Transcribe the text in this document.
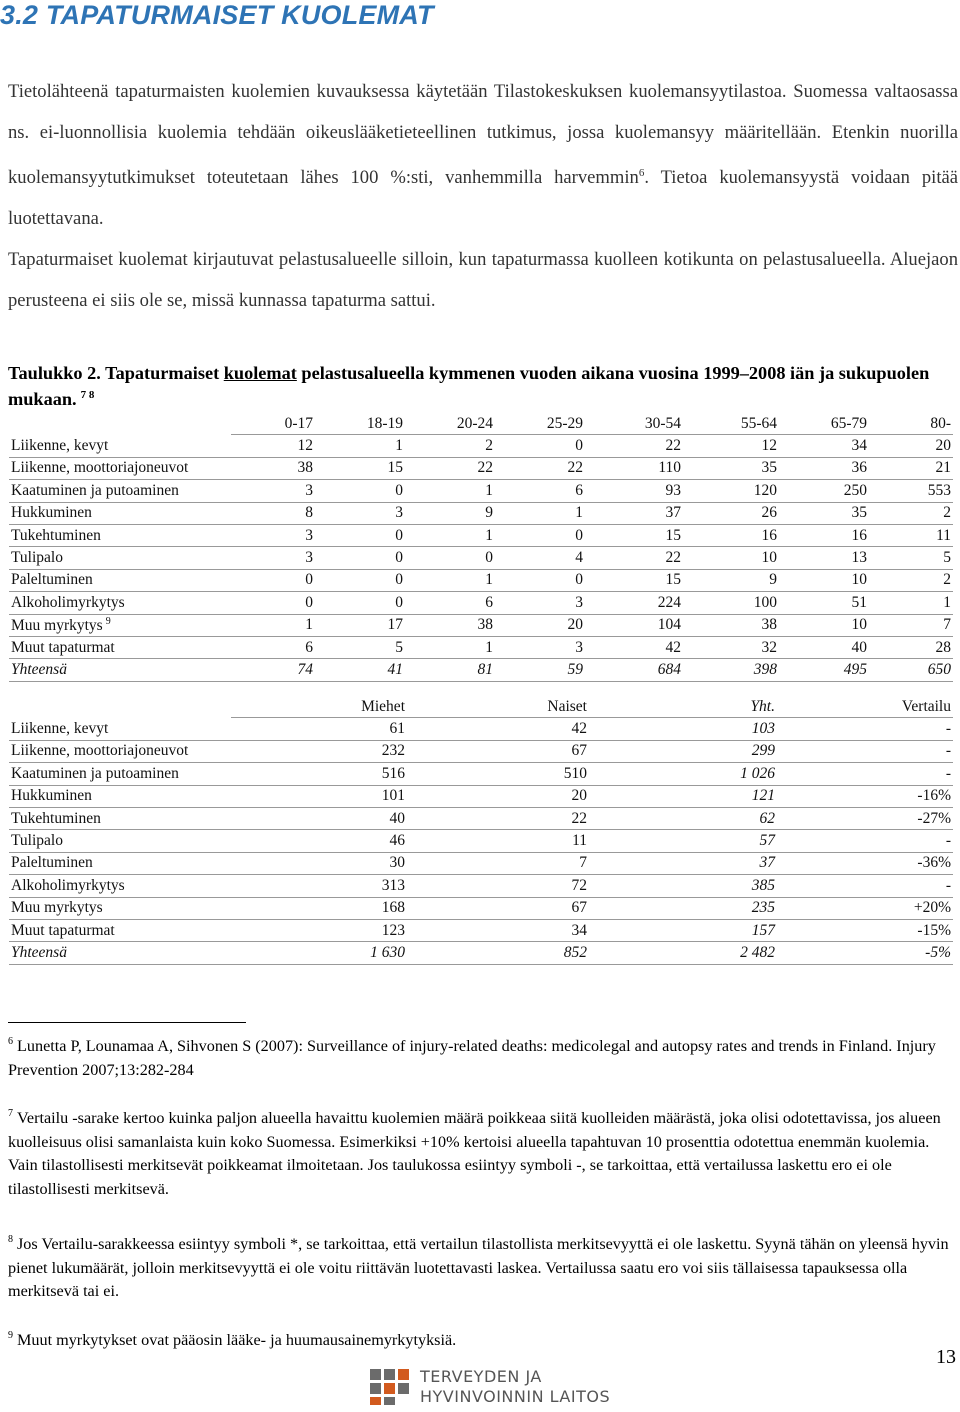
3.2 TAPATURMAISET KUOLEMAT

Tietolähteenä tapaturmaisten kuolemien kuvauksessa käytetään Tilastokeskuksen kuolemansyytilastoa. Suomessa valtaosassa ns. ei-luonnollisia kuolemia tehdään oikeuslääketieteellinen tutkimus, jossa kuolemansyy määritellään. Etenkin nuorilla kuolemansyytutkimukset toteutetaan lähes 100 %:sti, vanhemmilla harvemmin$^6$. Tietoa kuolemansyystä voidaan pitää luotettavana.

Tapaturmaiset kuolemat kirjautuvat pelastusalueelle silloin, kun tapaturmassa kuolleen kotikunta on pelastusalueella. Aluejaon perusteena ei siis ole se, missä kunnassa tapaturma sattui.

Taulukko 2. Tapaturmaiset kuolemat pelastusalueella kymmenen vuoden aikana vuosina 1999–2008 iän ja sukupuolen mukaan. $^{7 8}$
	0-17	18-19	20-24	25-29	30-54	55-64	65-79	80-
Liikenne, kevyt	12	1	2	0	22	12	34	20
Liikenne, moottoriajoneuvot	38	15	22	22	110	35	36	21
Kaatuminen ja putoaminen	3	0	1	6	93	120	250	553
Hukkuminen	8	3	9	1	37	26	35	2
Tukehtuminen	3	0	1	0	15	16	16	11
Tulipalo	3	0	0	4	22	10	13	5
Paleltuminen	0	0	1	0	15	9	10	2
Alkoholimyrkytys	0	0	6	3	224	100	51	1
Muu myrkytys $^9$	1	17	38	20	104	38	10	7
Muut tapaturmat	6	5	1	3	42	32	40	28
Yhteensä	74	41	81	59	684	398	495	650
	Miehet	Naiset	Yht.	Vertailu
Liikenne, kevyt	61	42	103	-
Liikenne, moottoriajoneuvot	232	67	299	-
Kaatuminen ja putoaminen	516	510	1 026	-
Hukkuminen	101	20	121	-16%
Tukehtuminen	40	22	62	-27%
Tulipalo	46	11	57	-
Paleltuminen	30	7	37	-36%
Alkoholimyrkytys	313	72	385	-
Muu myrkytys	168	67	235	+20%
Muut tapaturmat	123	34	157	-15%
Yhteensä	1 630	852	2 482	-5%

$^6$ Lunetta P, Lounamaa A, Sihvonen S (2007): Surveillance of injury-related deaths: medicolegal and autopsy rates and trends in Finland. Injury Prevention 2007;13:282-284

$^7$ Vertailu -sarake kertoo kuinka paljon alueella havaittu kuolemien määrä poikkeaa siitä kuolleiden määrästä, joka olisi odotettavissa, jos alueen kuolleisuus olisi samanlaista kuin koko Suomessa. Esimerkiksi +10% kertoisi alueella tapahtuvan 10 prosenttia odotettua enemmän kuolemia. Vain tilastollisesti merkitsevät poikkeamat ilmoitetaan. Jos taulukossa esiintyy symboli -, se tarkoittaa, että vertailussa laskettu ero ei ole tilastollisesti merkitsevä.

$^8$ Jos Vertailu-sarakkeessa esiintyy symboli *, se tarkoittaa, että vertailun tilastollista merkitsevyyttä ei ole laskettu. Syynä tähän on yleensä hyvin pienet lukumäärät, jolloin merkitsevyyttä ei ole voitu riittävän luotettavasti laskea. Vertailussa saatu ero voi siis tällaisessa tapauksessa olla merkitsevä tai ei.

$^9$ Muut myrkytykset ovat pääosin lääke- ja huumausainemyrkytyksiä.

13

TERVEYDEN JA
HYVINVOINNIN LAITOS
